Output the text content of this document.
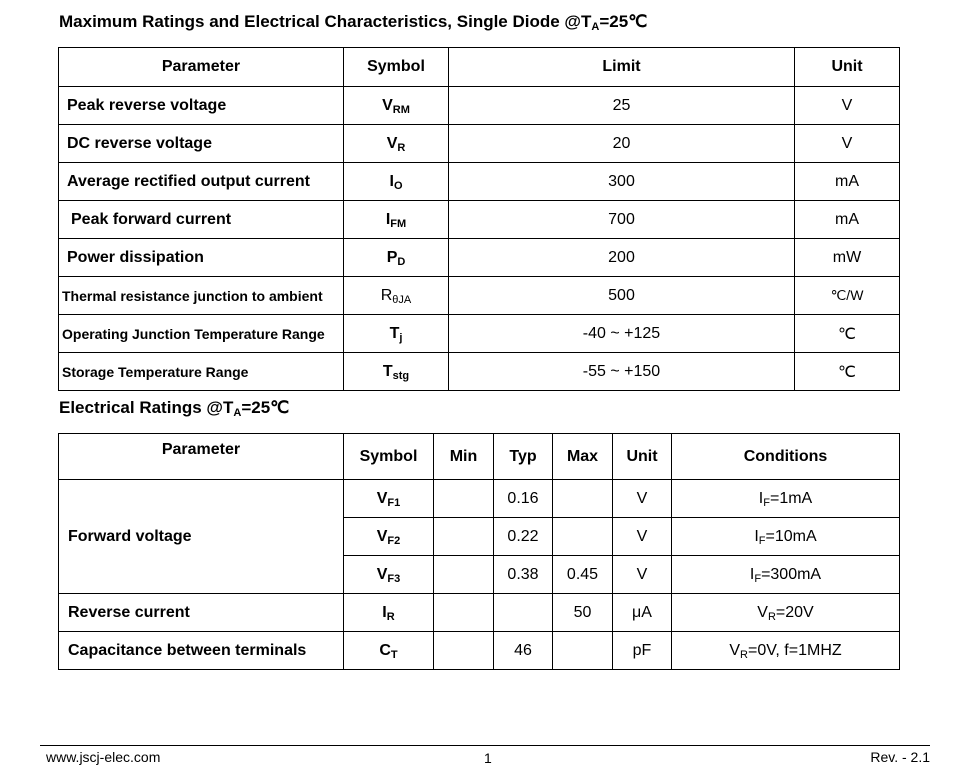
Maximum Ratings and Electrical Characteristics, Single Diode $@T_A=25℃$
Parameter	Symbol	Limit	Unit
Peak reverse voltage	$V_{RM}$	25	V
DC reverse voltage	$V_R$	20	V
Average rectified output current	$I_O$	300	mA
Peak forward current	$I_{FM}$	700	mA
Power dissipation	$P_D$	200	mW
Thermal resistance junction to ambient	$R_{\theta JA}$	500	℃/W
Operating Junction Temperature Range	$T_j$	-40 ~ +125	℃
Storage Temperature Range	$T_{stg}$	-55 ~ +150	℃
Electrical Ratings $@T_A=25℃$
Parameter	Symbol	Min	Typ	Max	Unit	Conditions
Forward voltage	$V_{F1}$		0.16		V	$I_F=1mA$
	$V_{F2}$		0.22		V	$I_F=10mA$
	$V_{F3}$		0.38	0.45	V	$I_F=300mA$
Reverse current	$I_R$			50	μA	$V_R=20V$
Capacitance between terminals	$C_T$		46		pF	$V_R=0V$, f=1MHZ
www.jscj-elec.com	1	Rev. - 2.1
